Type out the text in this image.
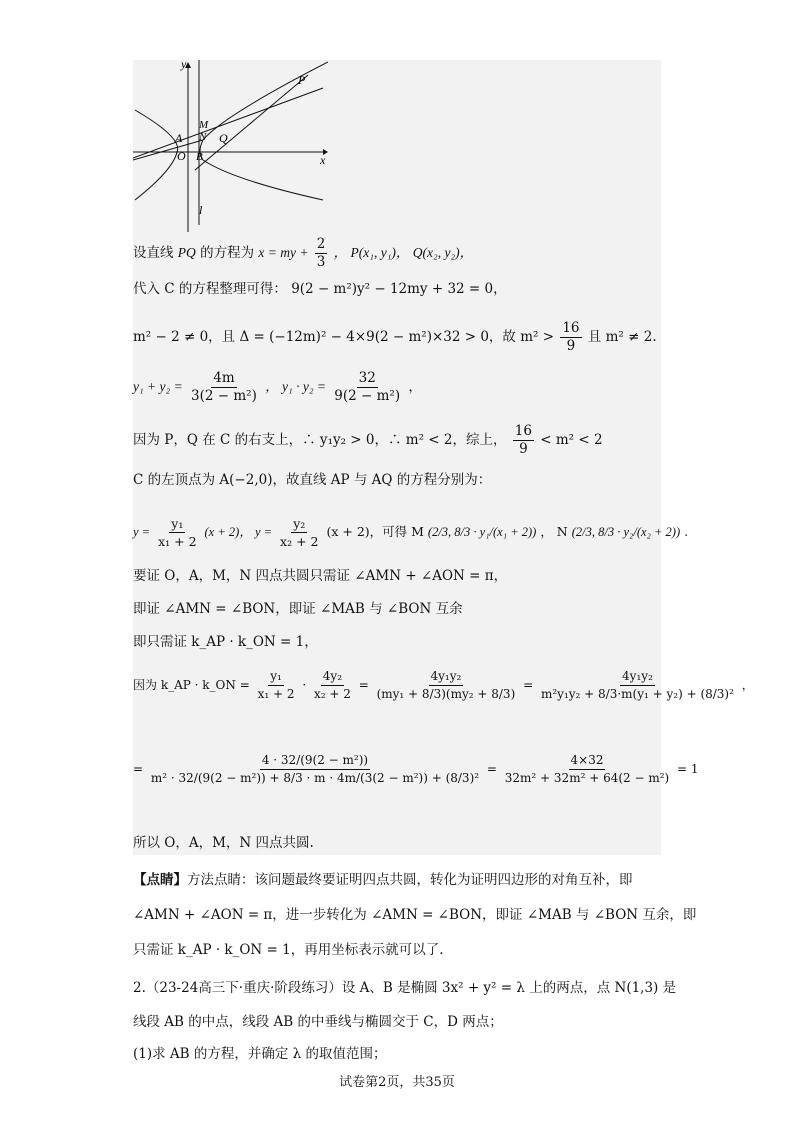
y
x
P
M
N Q
A
O B
l
设直线 PQ 的方程为 x = my + $\frac{2}{3}$ ， P(x₁, y₁)， Q(x₂, y₂)，
代入 C 的方程整理可得： 9(2 − m²)y² − 12my + 32 = 0，
m² − 2 ≠ 0，且 Δ = (−12m)² − 4×9(2 − m²)×32 > 0，故 $m^2 > \frac{16}{9}$ 且 m² ≠ 2.
$y_1 + y_2 = \frac{4m}{\text{3(2 − m²)}}$ ， $y_1 \cdot y_2 = \frac{32}{\text{9(2 − m²)}}$ ，
因为 P，Q 在 C 的右支上，∴ y₁y₂ > 0，∴ m² < 2，综上， $\frac{16}{9} < m^2 < 2$
C 的左顶点为 A(−2,0)，故直线 AP 与 AQ 的方程分别为：
$y = \frac{\text{y₁}}{\text{x₁ + 2}} (x + 2)$， $y = \frac{\text{y₂}}{\text{x₂ + 2}} (x + 2)$，可得 M (2/3, 8/3 · y₁/(x₁ + 2)) ， N (2/3, 8/3 · y₂/(x₂ + 2)) .
要证 O，A，M，N 四点共圆只需证 ∠AMN + ∠AON = π，
即证 ∠AMN = ∠BON，即证 ∠MAB 与 ∠BON 互余
即只需证 k_AP · k_ON = 1，
因为 k_AP · k_ON = $\frac{\text{y₁}}{\text{x₁ + 2}} \cdot \frac{\text{4y₂}}{\text{x₂ + 2}} = \frac{\text{4y₁y₂}}{\text{(my₁ + 8/3)(my₂ + 8/3)}} = \frac{\text{4y₁y₂}}{\text{m²y₁y₂ + 8/3·m(y₁ + y₂) + (8/3)²}}$ ，
= $\frac{\text{4 · 32/(9(2 − m²))}}{\text{m² · 32/(9(2 − m²)) + 8/3 · m · 4m/(3(2 − m²)) + (8/3)²}} = \frac{4\times 32}{\text{32m² + 32m² + 64(2 − m²)}} = 1$
所以 O，A，M，N 四点共圆.
【点睛】方法点睛：该问题最终要证明四点共圆，转化为证明四边形的对角互补，即
∠AMN + ∠AON = π，进一步转化为 ∠AMN = ∠BON，即证 ∠MAB 与 ∠BON 互余，即
只需证 k_AP · k_ON = 1，再用坐标表示就可以了.
2.（23-24高三下·重庆·阶段练习）设 A、B 是椭圆 3x² + y² = λ 上的两点，点 N(1,3) 是
线段 AB 的中点，线段 AB 的中垂线与椭圆交于 C，D 两点；
(1)求 AB 的方程，并确定 λ 的取值范围；
试卷第2页，共35页
